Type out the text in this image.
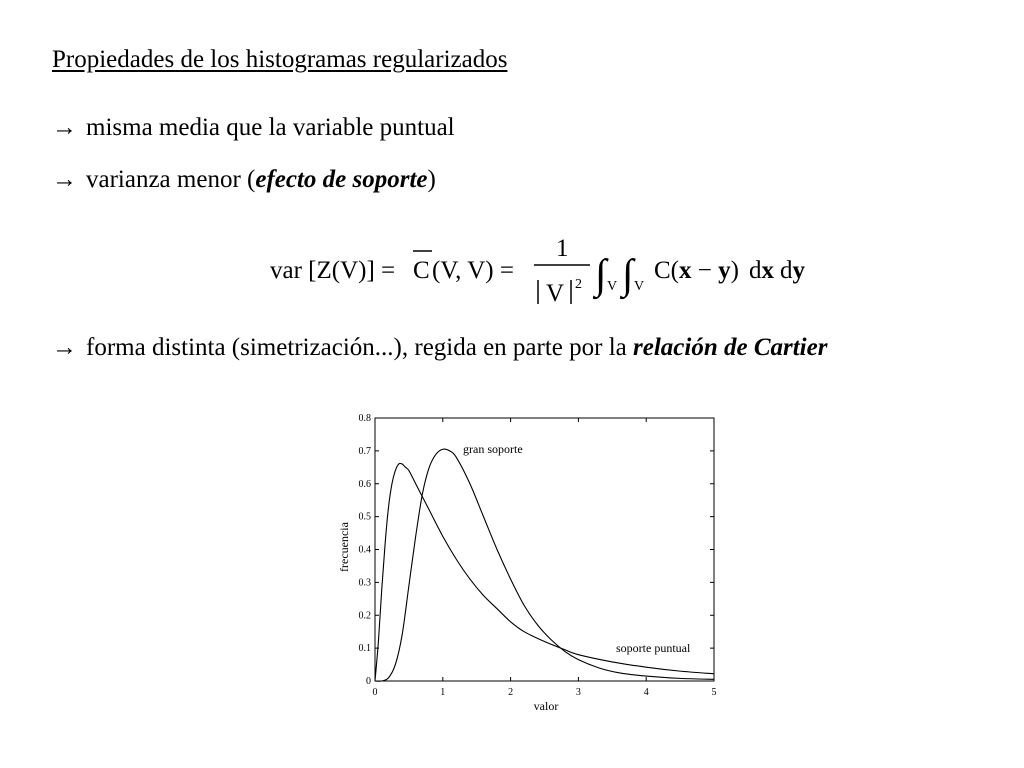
Propiedades de los histogramas regularizados
→ misma media que la variable puntual
→ varianza menor (efecto de soporte)
var [Z(V)] = C (V, V) =
1
V 2 ∫ V ∫ V
C(x − y) dx dy
→ forma distinta (simetrización...), regida en parte por la relación de Cartier
0	1	2	3	4	5
0
0.1
0.2
0.3
0.4
0.5
0.6
0.7
0.8
valor
frecuencia
gran soporte
soporte puntual
